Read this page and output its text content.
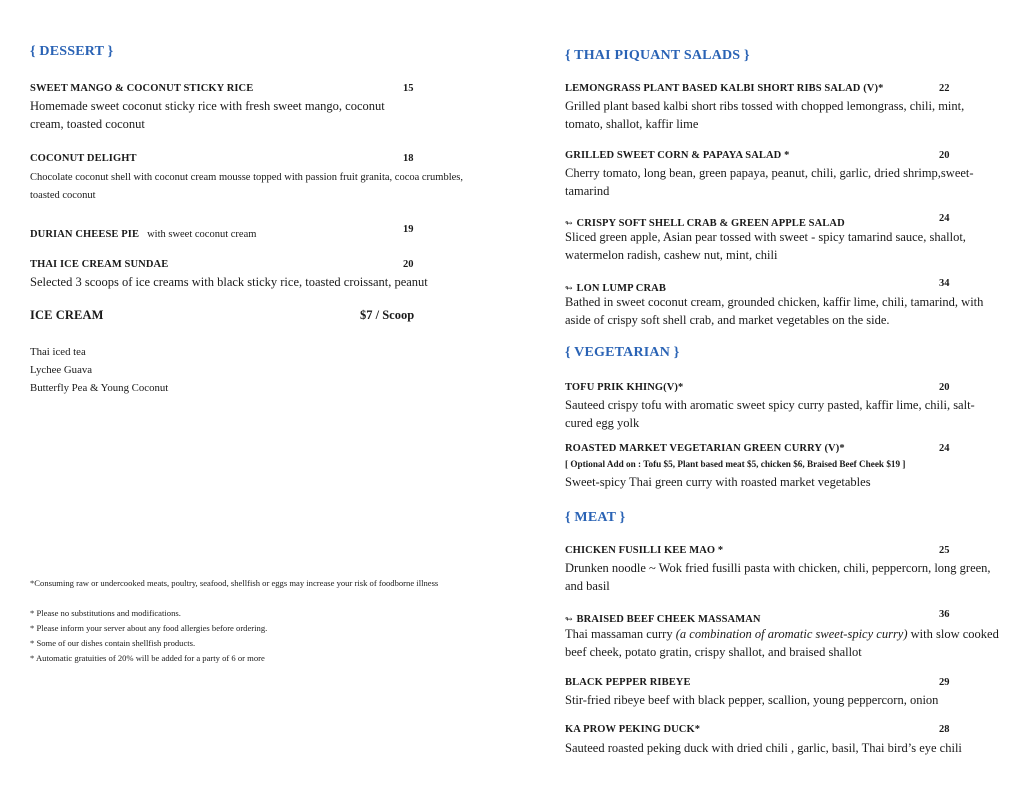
{ DESSERT }
SWEET MANGO & COCONUT STICKY RICE	15
Homemade sweet coconut sticky rice with fresh sweet mango, coconut cream, toasted coconut
COCONUT DELIGHT	18
Chocolate coconut shell with coconut cream mousse topped with passion fruit granita, cocoa crumbles, toasted coconut
DURIAN CHEESE PIE with sweet coconut cream	19
THAI ICE CREAM SUNDAE	20
Selected 3 scoops of ice creams with black sticky rice, toasted croissant, peanut
ICE CREAM	$7 / Scoop
Thai iced tea
Lychee Guava
Butterfly Pea & Young Coconut
*Consuming raw or undercooked meats, poultry, seafood, shellfish or eggs may increase your risk of foodborne illness
* Please no substitutions and modifications.
* Please inform your server about any food allergies before ordering.
* Some of our dishes contain shellfish products.
* Automatic gratuities of 20% will be added for a party of 6 or more
{ THAI PIQUANT SALADS }
LEMONGRASS PLANT BASED KALBI SHORT RIBS SALAD (V)*	22
Grilled plant based kalbi short ribs tossed with chopped lemongrass, chili, mint, tomato, shallot, kaffir lime
GRILLED SWEET CORN & PAPAYA SALAD *	20
Cherry tomato, long bean, green papaya, peanut, chili, garlic, dried shrimp,sweet-tamarind
↬ CRISPY SOFT SHELL CRAB & GREEN APPLE SALAD	24
Sliced green apple, Asian pear tossed with sweet - spicy tamarind sauce, shallot, watermelon radish, cashew nut, mint, chili
↬ LON LUMP CRAB	34
Bathed in sweet coconut cream, grounded chicken, kaffir lime, chili, tamarind, with aside of crispy soft shell crab, and market vegetables on the side.
{ VEGETARIAN }
TOFU PRIK KHING(V)*	20
Sauteed crispy tofu with aromatic sweet spicy curry pasted, kaffir lime, chili, salt-cured egg yolk
ROASTED MARKET VEGETARIAN GREEN CURRY (V)*	24
[ Optional Add on : Tofu $5, Plant based meat $5, chicken $6, Braised Beef Cheek $19 ]
Sweet-spicy Thai green curry with roasted market vegetables
{ MEAT }
CHICKEN FUSILLI KEE MAO *	25
Drunken noodle ~ Wok fried fusilli pasta with chicken, chili, peppercorn, long green, and basil
↬ BRAISED BEEF CHEEK MASSAMAN	36
Thai massaman curry (a combination of aromatic sweet-spicy curry) with slow cooked beef cheek, potato gratin, crispy shallot, and braised shallot
BLACK PEPPER RIBEYE	29
Stir-fried ribeye beef with black pepper, scallion, young peppercorn, onion
KA PROW PEKING DUCK*	28
Sauteed roasted peking duck with dried chili , garlic, basil, Thai bird’s eye chili
